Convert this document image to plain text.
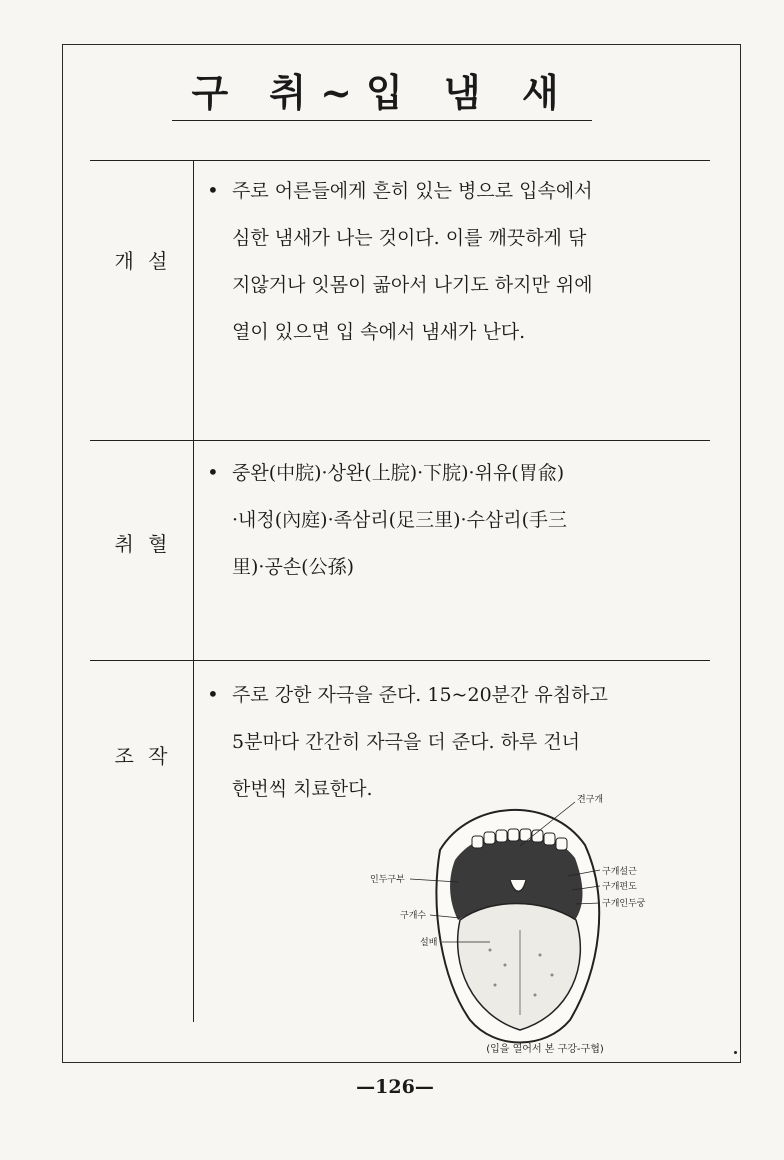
구 취~입 냄 새
개 설
• 주로 어른들에게 흔히 있는 병으로 입속에서
심한 냄새가 나는 것이다. 이를 깨끗하게 닦
지않거나 잇몸이 곪아서 나기도 하지만 위에
열이 있으면 입 속에서 냄새가 난다.

취 혈
• 중완(中脘)·상완(上脘)·下脘)·위유(胃兪)
·내정(內庭)·족삼리(足三里)·수삼리(手三
里)·공손(公孫)

조 작
• 주로 강한 자극을 준다. 15~20분간 유침하고
5분마다 간간히 자극을 더 준다. 하루 건너
한번씩 치료한다.	견구개
구개설근
구개편도
구개인두궁
인두구부
구개수
설배
(입을 열어서 본 구강-구협)
—126—
